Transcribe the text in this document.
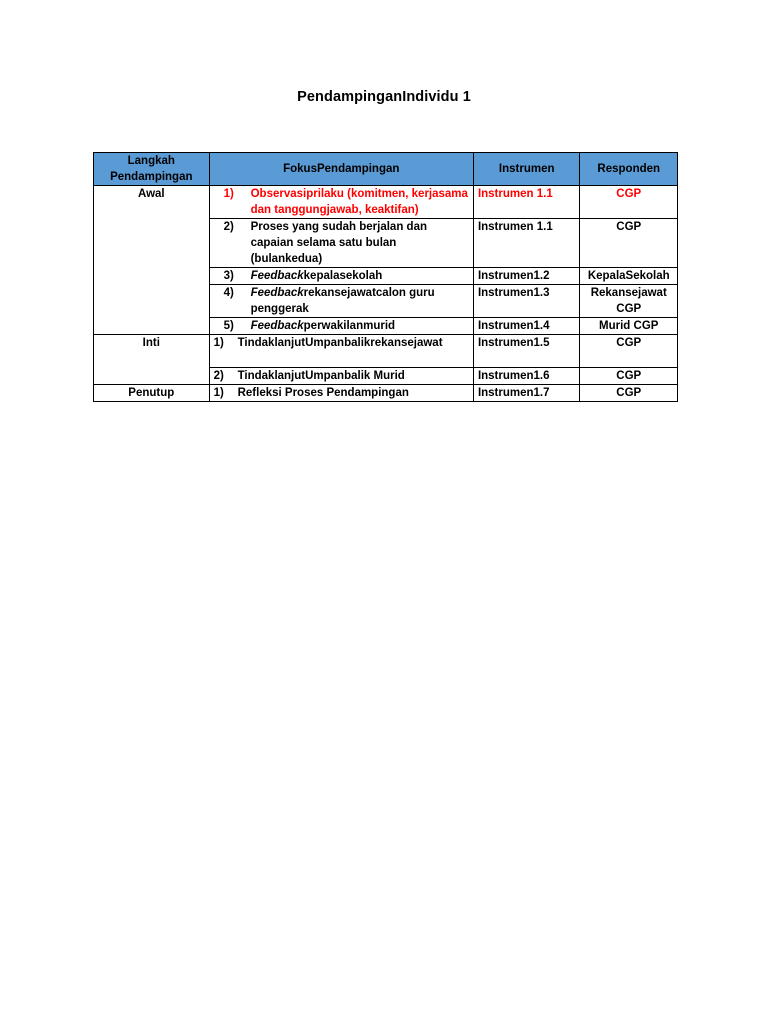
PendampinganIndividu 1
Langkah Pendampingan	FokusPendampingan	Instrumen	Responden
Awal	1) Observasiprilaku (komitmen, kerjasama dan tanggungjawab, keaktifan)	Instrumen 1.1	CGP

	2) Proses yang sudah berjalan dan capaian selama satu bulan (bulankedua)	Instrumen 1.1	CGP

	3) Feedbackkepalasekolah	Instrumen1.2	KepalaSekolah

	4) Feedbackrekansejawatcalon guru penggerak	Instrumen1.3	Rekansejawat CGP

	5) Feedbackperwakilanmurid	Instrumen1.4	Murid CGP
Inti	1) TindaklanjutUmpanbalikrekansejawat	Instrumen1.5	CGP

	2) TindaklanjutUmpanbalik Murid	Instrumen1.6	CGP
Penutup	1) Refleksi Proses Pendampingan	Instrumen1.7	CGP
